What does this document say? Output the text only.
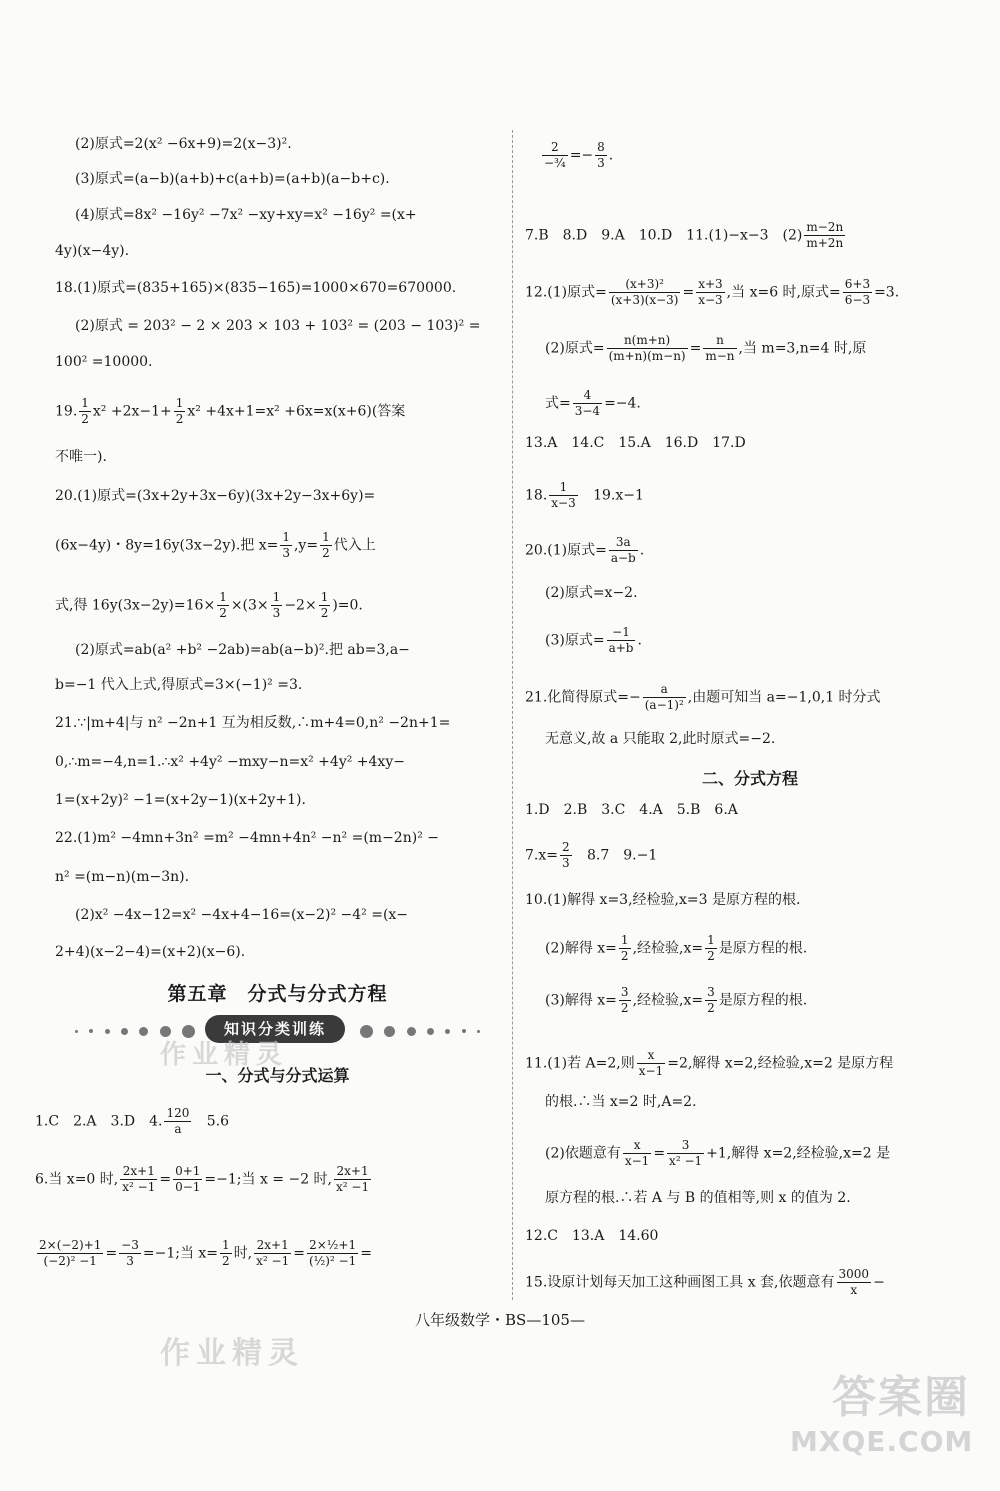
(2)原式=2(x² −6x+9)=2(x−3)².
(3)原式=(a−b)(a+b)+c(a+b)=(a+b)(a−b+c).
(4)原式=8x² −16y² −7x² −xy+xy=x² −16y² =(x+
4y)(x−4y).
18.(1)原式=(835+165)×(835−165)=1000×670=670000.
(2)原式 = 203² − 2 × 203 × 103 + 103² = (203 − 103)² =
100² =10000.
19. $\frac{1}{2} x^2 +2x-1+ \frac{1}{2} x^2 +4x+1=x^2 +6x=x(x+6)$(答案
不唯一).
20.(1)原式=(3x+2y+3x−6y)(3x+2y−3x+6y)=
(6x−4y)・8y=16y(3x−2y).把 $x= \frac{1}{3} ,y= \frac{1}{2}$ 代入上
式,得 $16y(3x-2y)=16\times \frac{1}{2} \times(3\times \frac{1}{3} -2\times \frac{1}{2} )=0$.
(2)原式=ab(a² +b² −2ab)=ab(a−b)².把 ab=3,a−
b=−1 代入上式,得原式=3×(−1)² =3.
21.∵|m+4|与 n² −2n+1 互为相反数,∴m+4=0,n² −2n+1=
0,∴m=−4,n=1.∴x² +4y² −mxy−n=x² +4y² +4xy−
1=(x+2y)² −1=(x+2y−1)(x+2y+1).
22.(1)m² −4mn+3n² =m² −4mn+4n² −n² =(m−2n)² −
n² =(m−n)(m−3n).
(2)x² −4x−12=x² −4x+4−16=(x−2)² −4² =(x−
2+4)(x−2−4)=(x+2)(x−6).
第五章　分式与分式方程
知识分类训练
一、分式与分式运算
1.C　2.A　3.D　4. $\frac{120}{a} 5.6$
6.当 x=0 时, $\frac{2x+1}{\text{x² −1}} = \frac{0+1}{0-1} =-1$;当 x = −2 时, $\frac{2x+1}{\text{x² −1}}$
$\frac{2\times(-2)+1}{\text{(−2)² −1}} = \frac{-3}{3} =-1$;当 $x= \frac{1}{2}$ 时, $\frac{2x+1}{\text{x² −1}} = \frac{\text{2×½+1}}{\text{(½)² −1}}$ =
$\frac{2}{\text{−¾}} =- \frac{8}{3}$ .
7.B　8.D　9.A　10.D　11.(1)−x−3　$(2) \frac{m-2n}{m+2n}$
12.(1)原式= $\frac{\text{(x+3)²}}{(x+3)(x-3)} = \frac{x+3}{x-3}$ ,当 x=6 时,原式= $\frac{6+3}{6-3} =3$.
(2)原式= $\frac{n(m+n)}{(m+n)(m-n)} = \frac{n}{m-n}$ ,当 m=3,n=4 时,原
式= $\frac{4}{3-4} =-4$.
13.A　14.C　15.A　16.D　17.D
18. $\frac{1}{x-3} 19.x-1$
20.(1)原式= $\frac{3a}{a-b}$ .
(2)原式=x−2.
(3)原式= $\frac{-1}{a+b}$ .
21.化简得原式=− $\frac{a}{\text{(a−1)²}}$ ,由题可知当 a=−1,0,1 时分式
无意义,故 a 只能取 2,此时原式=−2.
二、分式方程
1.D　2.B　3.C　4.A　5.B　6.A
$7.x= \frac{2}{3} 8.7$　9.−1
10.(1)解得 x=3,经检验,x=3 是原方程的根.
(2)解得 $x= \frac{1}{2}$ ,经检验$,x= \frac{1}{2}$ 是原方程的根.
(3)解得 $x= \frac{3}{2}$ ,经检验$,x= \frac{3}{2}$ 是原方程的根.
11.(1)若 A=2,则 $\frac{x}{x-1} =2$,解得 x=2,经检验,x=2 是原方程
的根.∴当 x=2 时,A=2.
(2)依题意有 $\frac{x}{x-1} = \frac{3}{\text{x² −1}} +1$,解得 x=2,经检验,x=2 是
原方程的根.∴若 A 与 B 的值相等,则 x 的值为 2.
12.C　13.A　14.60
15.设原计划每天加工这种画图工具 x 套,依题意有 $\frac{3000}{x}$ −
八年级数学・BS—105—
作业精灵
作业精灵
答案圈
MXQE.COM
